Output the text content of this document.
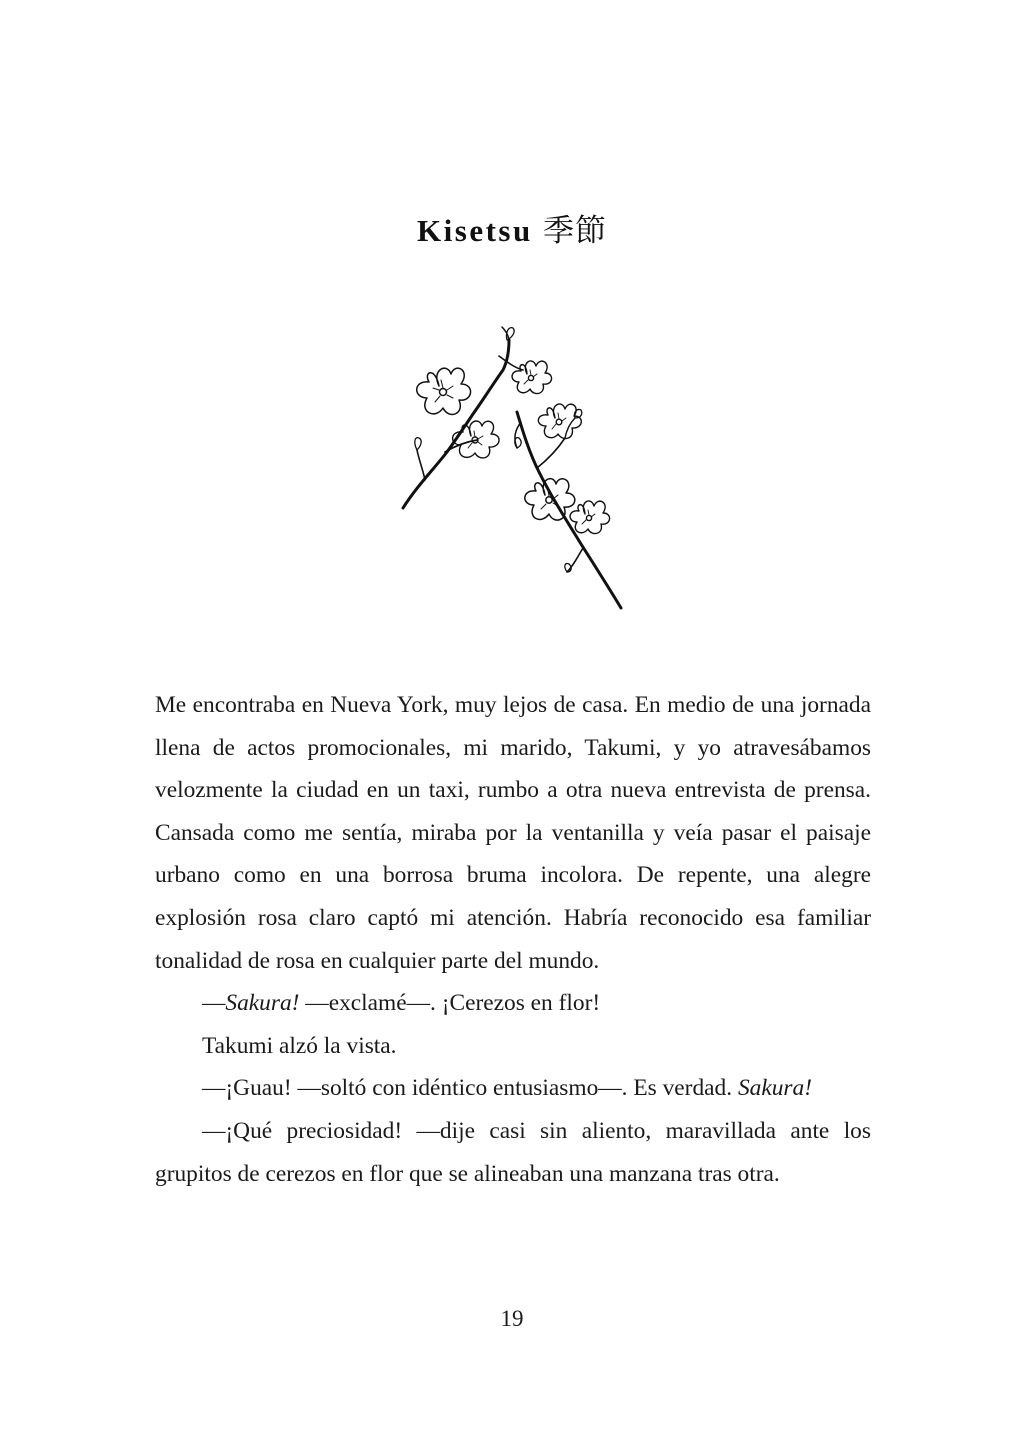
Kisetsu 季節

Me encontraba en Nueva York, muy lejos de casa. En medio de una jornada llena de actos promocionales, mi marido, Takumi, y yo atravesábamos velozmente la ciudad en un taxi, rumbo a otra nueva entrevista de prensa. Cansada como me sentía, miraba por la ventanilla y veía pasar el paisaje urbano como en una borrosa bruma incolora. De repente, una alegre explosión rosa claro captó mi atención. Habría reconocido esa familiar tonalidad de rosa en cualquier parte del mundo.

—Sakura! —exclamé—. ¡Cerezos en flor!

Takumi alzó la vista.

—¡Guau! —soltó con idéntico entusiasmo—. Es verdad. Sakura!

—¡Qué preciosidad! —dije casi sin aliento, maravillada ante los grupitos de cerezos en flor que se alineaban una manzana tras otra.

19
